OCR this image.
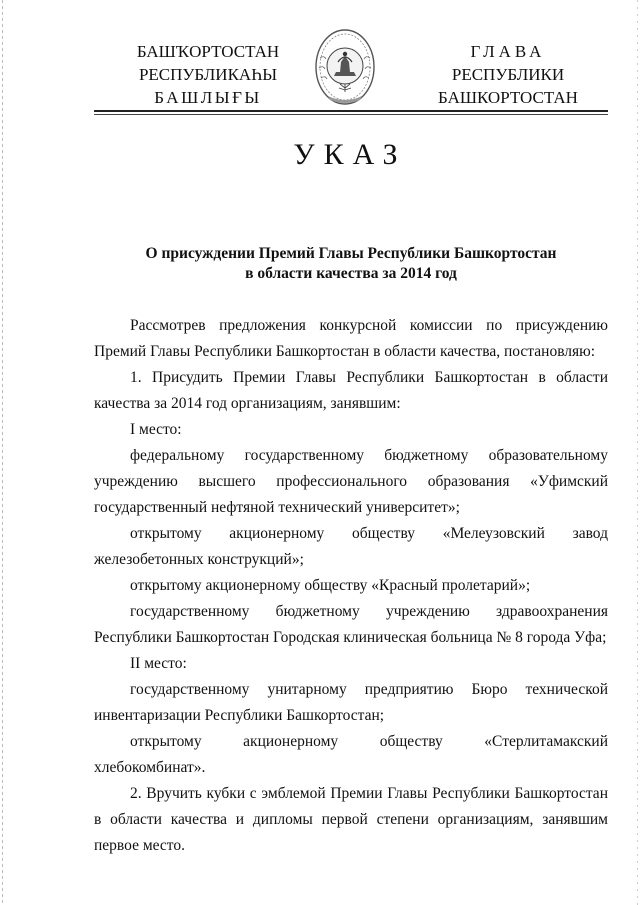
БАШҠОРТОСТАН
РЕСПУБЛИКАҺЫ
БАШЛЫҒЫ
ГЛАВА
РЕСПУБЛИКИ
БАШКОРТОСТАН
УКАЗ
О присуждении Премий Главы Республики Башкортостан
в области качества за 2014 год

Рассмотрев предложения конкурсной комиссии по присуждению Премий Главы Республики Башкортостан в области качества, постановляю:

1. Присудить Премии Главы Республики Башкортостан в области качества за 2014 год организациям, занявшим:

I место:

федеральному государственному бюджетному образовательному учреждению высшего профессионального образования «Уфимский государственный нефтяной технический университет»;

открытому акционерному обществу «Мелеузовский завод железобетонных конструкций»;

открытому акционерному обществу «Красный пролетарий»;

государственному бюджетному учреждению здравоохранения Республики Башкортостан Городская клиническая больница № 8 города Уфа;

II место:

государственному унитарному предприятию Бюро технической инвентаризации Республики Башкортостан;

открытому акционерному обществу «Стерлитамакский хлебокомбинат».

2. Вручить кубки с эмблемой Премии Главы Республики Башкортостан в области качества и дипломы первой степени организациям, занявшим первое место.
